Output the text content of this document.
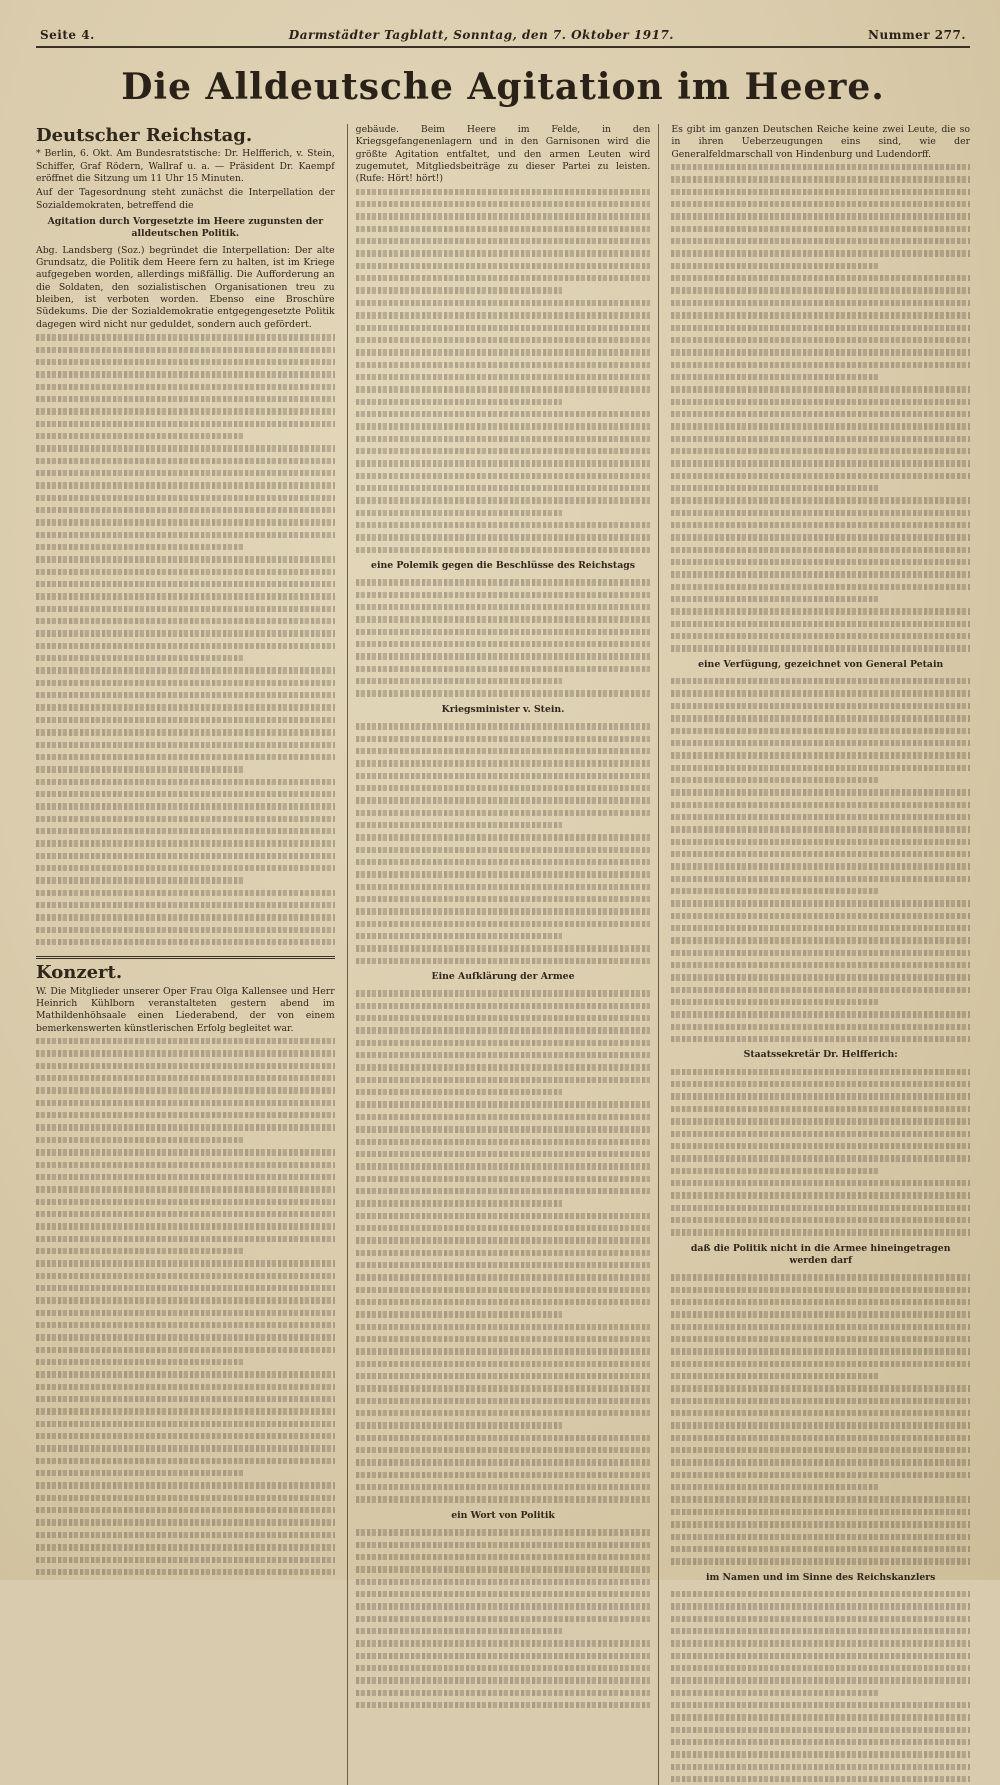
Seite 4.	Darmstädter Tagblatt, Sonntag, den 7. Oktober 1917.	Nummer 277.
Die Alldeutsche Agitation im Heere.
Deutscher Reichstag.

* Berlin, 6. Okt. Am Bundesratstische: Dr. Helfferich, v. Stein, Schiffer, Graf Rödern, Wallraf u. a. — Präsident Dr. Kaempf eröffnet die Sitzung um 11 Uhr 15 Minuten.

Auf der Tagesordnung steht zunächst die Interpellation der Sozialdemokraten, betreffend die

Agitation durch Vorgesetzte im Heere zugunsten der alldeutschen Politik.

Abg. Landsberg (Soz.) begründet die Interpellation: Der alte Grundsatz, die Politik dem Heere fern zu halten, ist im Kriege aufgegeben worden, allerdings mißfällig. Die Aufforderung an die Soldaten, den sozialistischen Organisationen treu zu bleiben, ist verboten worden. Ebenso eine Broschüre Südekums. Die der Sozialdemokratie entgegengesetzte Politik dagegen wird nicht nur geduldet, sondern auch gefördert.

Konzert.

W. Die Mitglieder unserer Oper Frau Olga Kallensee und Herr Heinrich Kühlborn veranstalteten gestern abend im Mathildenhöhsaale einen Liederabend, der von einem bemerkenswerten künstlerischen Erfolg begleitet war.

gebäude. Beim Heere im Felde, in den Kriegsgefangenenlagern und in den Garnisonen wird die größte Agitation entfaltet, und den armen Leuten wird zugemutet, Mitgliedsbeiträge zu dieser Partei zu leisten. (Rufe: Hört! hört!)

eine Polemik gegen die Beschlüsse des Reichstags
Kriegsminister v. Stein.
Eine Aufklärung der Armee
ein Wort von Politik

Es gibt im ganzen Deutschen Reiche keine zwei Leute, die so in ihren Ueberzeugungen eins sind, wie der Generalfeldmarschall von Hindenburg und Ludendorff.

eine Verfügung, gezeichnet von General Petain
Staatssekretär Dr. Helfferich:
daß die Politik nicht in die Armee hineingetragen werden darf
im Namen und im Sinne des Reichskanzlers
